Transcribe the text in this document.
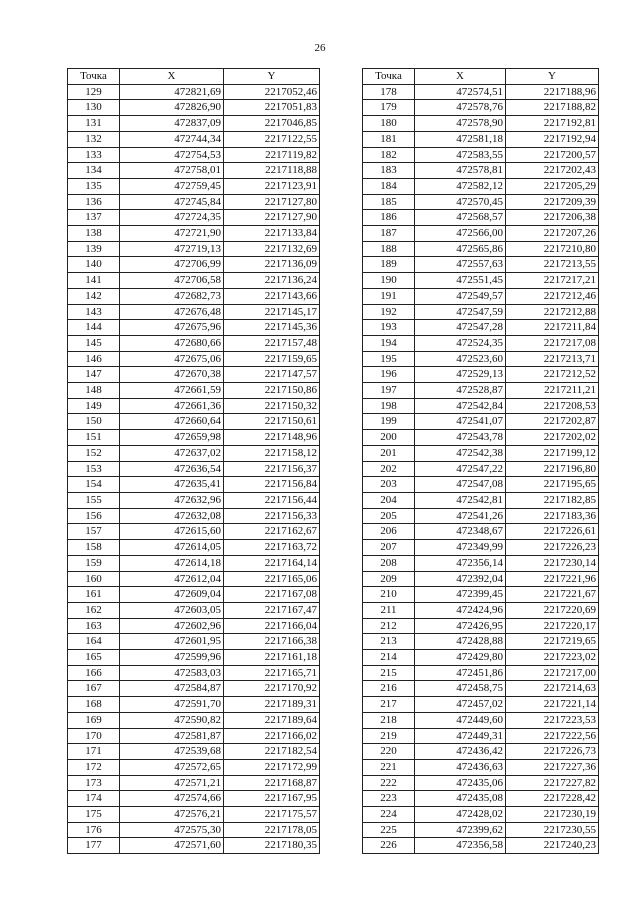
26
Точка	X	Y
129	472821,69	2217052,46
130	472826,90	2217051,83
131	472837,09	2217046,85
132	472744,34	2217122,55
133	472754,53	2217119,82
134	472758,01	2217118,88
135	472759,45	2217123,91
136	472745,84	2217127,80
137	472724,35	2217127,90
138	472721,90	2217133,84
139	472719,13	2217132,69
140	472706,99	2217136,09
141	472706,58	2217136,24
142	472682,73	2217143,66
143	472676,48	2217145,17
144	472675,96	2217145,36
145	472680,66	2217157,48
146	472675,06	2217159,65
147	472670,38	2217147,57
148	472661,59	2217150,86
149	472661,36	2217150,32
150	472660,64	2217150,61
151	472659,98	2217148,96
152	472637,02	2217158,12
153	472636,54	2217156,37
154	472635,41	2217156,84
155	472632,96	2217156,44
156	472632,08	2217156,33
157	472615,60	2217162,67
158	472614,05	2217163,72
159	472614,18	2217164,14
160	472612,04	2217165,06
161	472609,04	2217167,08
162	472603,05	2217167,47
163	472602,96	2217166,04
164	472601,95	2217166,38
165	472599,96	2217161,18
166	472583,03	2217165,71
167	472584,87	2217170,92
168	472591,70	2217189,31
169	472590,82	2217189,64
170	472581,87	2217166,02
171	472539,68	2217182,54
172	472572,65	2217172,99
173	472571,21	2217168,87
174	472574,66	2217167,95
175	472576,21	2217175,57
176	472575,30	2217178,05
177	472571,60	2217180,35
Точка	X	Y
178	472574,51	2217188,96
179	472578,76	2217188,82
180	472578,90	2217192,81
181	472581,18	2217192,94
182	472583,55	2217200,57
183	472578,81	2217202,43
184	472582,12	2217205,29
185	472570,45	2217209,39
186	472568,57	2217206,38
187	472566,00	2217207,26
188	472565,86	2217210,80
189	472557,63	2217213,55
190	472551,45	2217217,21
191	472549,57	2217212,46
192	472547,59	2217212,88
193	472547,28	2217211,84
194	472524,35	2217217,08
195	472523,60	2217213,71
196	472529,13	2217212,52
197	472528,87	2217211,21
198	472542,84	2217208,53
199	472541,07	2217202,87
200	472543,78	2217202,02
201	472542,38	2217199,12
202	472547,22	2217196,80
203	472547,08	2217195,65
204	472542,81	2217182,85
205	472541,26	2217183,36
206	472348,67	2217226,61
207	472349,99	2217226,23
208	472356,14	2217230,14
209	472392,04	2217221,96
210	472399,45	2217221,67
211	472424,96	2217220,69
212	472426,95	2217220,17
213	472428,88	2217219,65
214	472429,80	2217223,02
215	472451,86	2217217,00
216	472458,75	2217214,63
217	472457,02	2217221,14
218	472449,60	2217223,53
219	472449,31	2217222,56
220	472436,42	2217226,73
221	472436,63	2217227,36
222	472435,06	2217227,82
223	472435,08	2217228,42
224	472428,02	2217230,19
225	472399,62	2217230,55
226	472356,58	2217240,23
